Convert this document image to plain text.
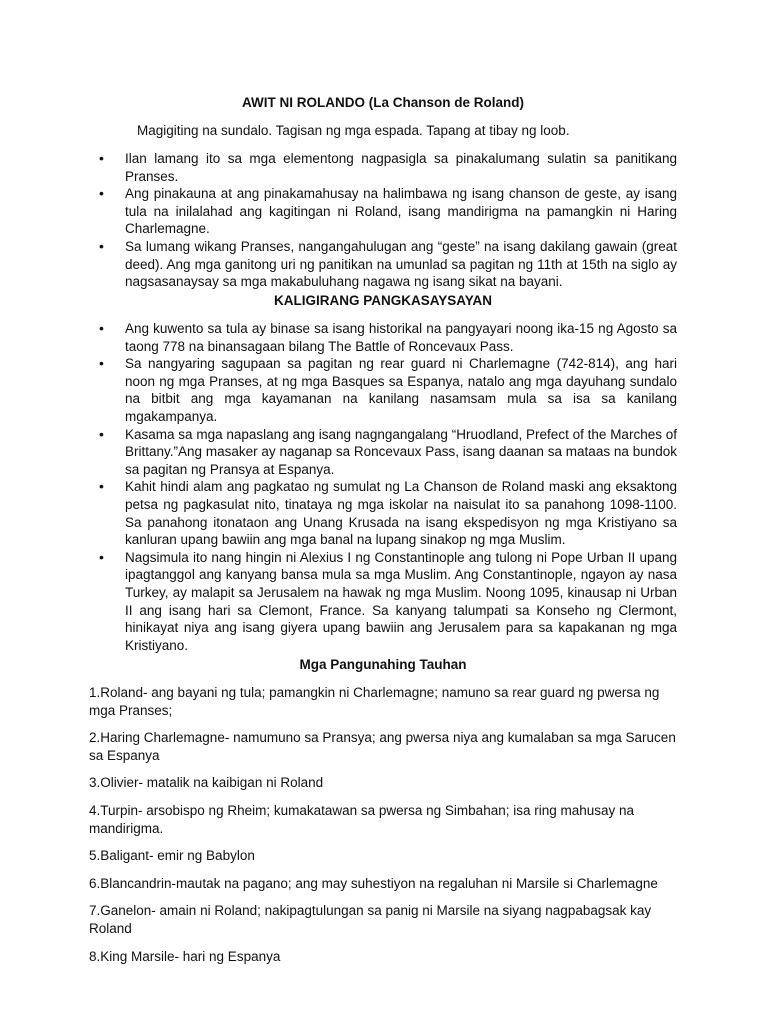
AWIT NI ROLANDO (La Chanson de Roland)

Magigiting na sundalo. Tagisan ng mga espada. Tapang at tibay ng loob.

• Ilan lamang ito sa mga elementong nagpasigla sa pinakalumang sulatin sa panitikang Pranses.
• Ang pinakauna at ang pinakamahusay na halimbawa ng isang chanson de geste, ay isang tula na inilalahad ang kagitingan ni Roland, isang mandirigma na pamangkin ni Haring Charlemagne.
• Sa lumang wikang Pranses, nangangahulugan ang “geste” na isang dakilang gawain (great deed). Ang mga ganitong uri ng panitikan na umunlad sa pagitan ng 11th at 15th na siglo ay nagsasanaysay sa mga makabuluhang nagawa ng isang sikat na bayani.
KALIGIRANG PANGKASAYSAYAN
• Ang kuwento sa tula ay binase sa isang historikal na pangyayari noong ika-15 ng Agosto sa taong 778 na binansagaan bilang The Battle of Roncevaux Pass.
• Sa nangyaring sagupaan sa pagitan ng rear guard ni Charlemagne (742-814), ang hari noon ng mga Pranses, at ng mga Basques sa Espanya, natalo ang mga dayuhang sundalo na bitbit ang mga kayamanan na kanilang nasamsam mula sa isa sa kanilang mgakampanya.
• Kasama sa mga napaslang ang isang nagngangalang “Hruodland, Prefect of the Marches of Brittany.”Ang masaker ay naganap sa Roncevaux Pass, isang daanan sa mataas na bundok sa pagitan ng Pransya at Espanya.
• Kahit hindi alam ang pagkatao ng sumulat ng La Chanson de Roland maski ang eksaktong petsa ng pagkasulat nito, tinataya ng mga iskolar na naisulat ito sa panahong 1098-1100. Sa panahong itonataon ang Unang Krusada na isang ekspedisyon ng mga Kristiyano sa kanluran upang bawiin ang mga banal na lupang sinakop ng mga Muslim.
• Nagsimula ito nang hingin ni Alexius I ng Constantinople ang tulong ni Pope Urban II upang ipagtanggol ang kanyang bansa mula sa mga Muslim. Ang Constantinople, ngayon ay nasa Turkey, ay malapit sa Jerusalem na hawak ng mga Muslim. Noong 1095, kinausap ni Urban II ang isang hari sa Clemont, France. Sa kanyang talumpati sa Konseho ng Clermont, hinikayat niya ang isang giyera upang bawiin ang Jerusalem para sa kapakanan ng mga Kristiyano.
Mga Pangunahing Tauhan

1.Roland- ang bayani ng tula; pamangkin ni Charlemagne; namuno sa rear guard ng pwersa ng mga Pranses;

2.Haring Charlemagne- namumuno sa Pransya; ang pwersa niya ang kumalaban sa mga Sarucen sa Espanya

3.Olivier- matalik na kaibigan ni Roland

4.Turpin- arsobispo ng Rheim; kumakatawan sa pwersa ng Simbahan; isa ring mahusay na mandirigma.

5.Baligant- emir ng Babylon

6.Blancandrin-mautak na pagano; ang may suhestiyon na regaluhan ni Marsile si Charlemagne

7.Ganelon- amain ni Roland; nakipagtulungan sa panig ni Marsile na siyang nagpabagsak kay Roland

8.King Marsile- hari ng Espanya
